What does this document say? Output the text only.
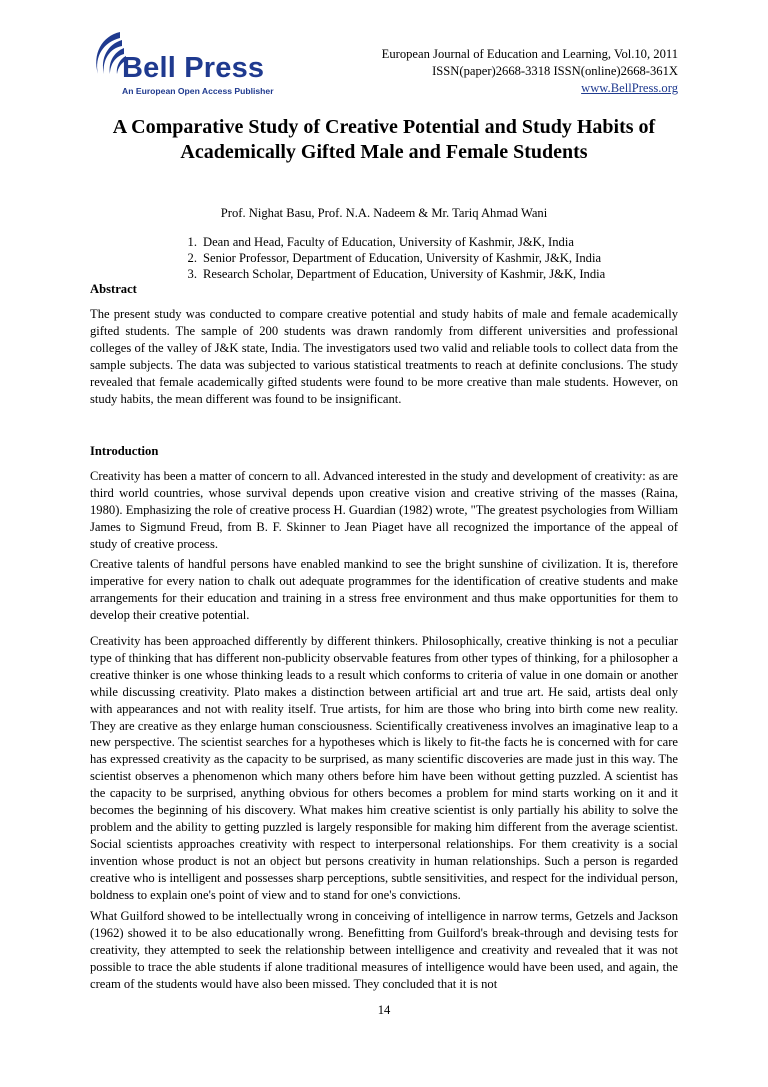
Bell Press
An European Open Access Publisher
European Journal of Education and Learning, Vol.10, 2011
ISSN(paper)2668-3318 ISSN(online)2668-361X
www.BellPress.org
A Comparative Study of Creative Potential and Study Habits of
Academically Gifted Male and Female Students
Prof. Nighat Basu, Prof. N.A. Nadeem & Mr. Tariq Ahmad Wani
1. Dean and Head, Faculty of Education, University of Kashmir, J&K, India
2. Senior Professor, Department of Education, University of Kashmir, J&K, India
3. Research Scholar, Department of Education, University of Kashmir, J&K, India
Abstract
The present study was conducted to compare creative potential and study habits of male and female academically gifted students. The sample of 200 students was drawn randomly from different universities and professional colleges of the valley of J&K state, India. The investigators used two valid and reliable tools to collect data from the sample subjects. The data was subjected to various statistical treatments to reach at definite conclusions. The study revealed that female academically gifted students were found to be more creative than male students. However, on study habits, the mean different was found to be insignificant.
Introduction
Creativity has been a matter of concern to all. Advanced interested in the study and development of creativity: as are third world countries, whose survival depends upon creative vision and creative striving of the masses (Raina, 1980). Emphasizing the role of creative process H. Guardian (1982) wrote, "The greatest psychologies from William James to Sigmund Freud, from B. F. Skinner to Jean Piaget have all recognized the importance of the appeal of study of creative process.
Creative talents of handful persons have enabled mankind to see the bright sunshine of civilization. It is, therefore imperative for every nation to chalk out adequate programmes for the identification of creative students and make arrangements for their education and training in a stress free environment and thus make opportunities for them to develop their creative potential.
Creativity has been approached differently by different thinkers. Philosophically, creative thinking is not a peculiar type of thinking that has different non-publicity observable features from other types of thinking, for a philosopher a creative thinker is one whose thinking leads to a result which conforms to criteria of value in one domain or another while discussing creativity. Plato makes a distinction between artificial art and true art. He said, artists deal only with appearances and not with reality itself. True artists, for him are those who bring into birth come new reality. They are creative as they enlarge human consciousness. Scientifically creativeness involves an imaginative leap to a new perspective. The scientist searches for a hypotheses which is likely to fit-the facts he is concerned with for care has expressed creativity as the capacity to be surprised, as many scientific discoveries are made just in this way. The scientist observes a phenomenon which many others before him have been without getting puzzled. A scientist has the capacity to be surprised, anything obvious for others becomes a problem for mind starts working on it and it becomes the beginning of his discovery. What makes him creative scientist is only partially his ability to solve the problem and the ability to getting puzzled is largely responsible for making him different from the average scientist. Social scientists approaches creativity with respect to interpersonal relationships. For them creativity is a social invention whose product is not an object but persons creativity in human relationships. Such a person is regarded creative who is intelligent and possesses sharp perceptions, subtle sensitivities, and respect for the individual person, boldness to explain one's point of view and to stand for one's convictions.
What Guilford showed to be intellectually wrong in conceiving of intelligence in narrow terms, Getzels and Jackson (1962) showed it to be also educationally wrong. Benefitting from Guilford's break-through and devising tests for creativity, they attempted to seek the relationship between intelligence and creativity and revealed that it was not possible to trace the able students if alone traditional measures of intelligence would have been used, and again, the cream of the students would have also been missed. They concluded that it is not
14
